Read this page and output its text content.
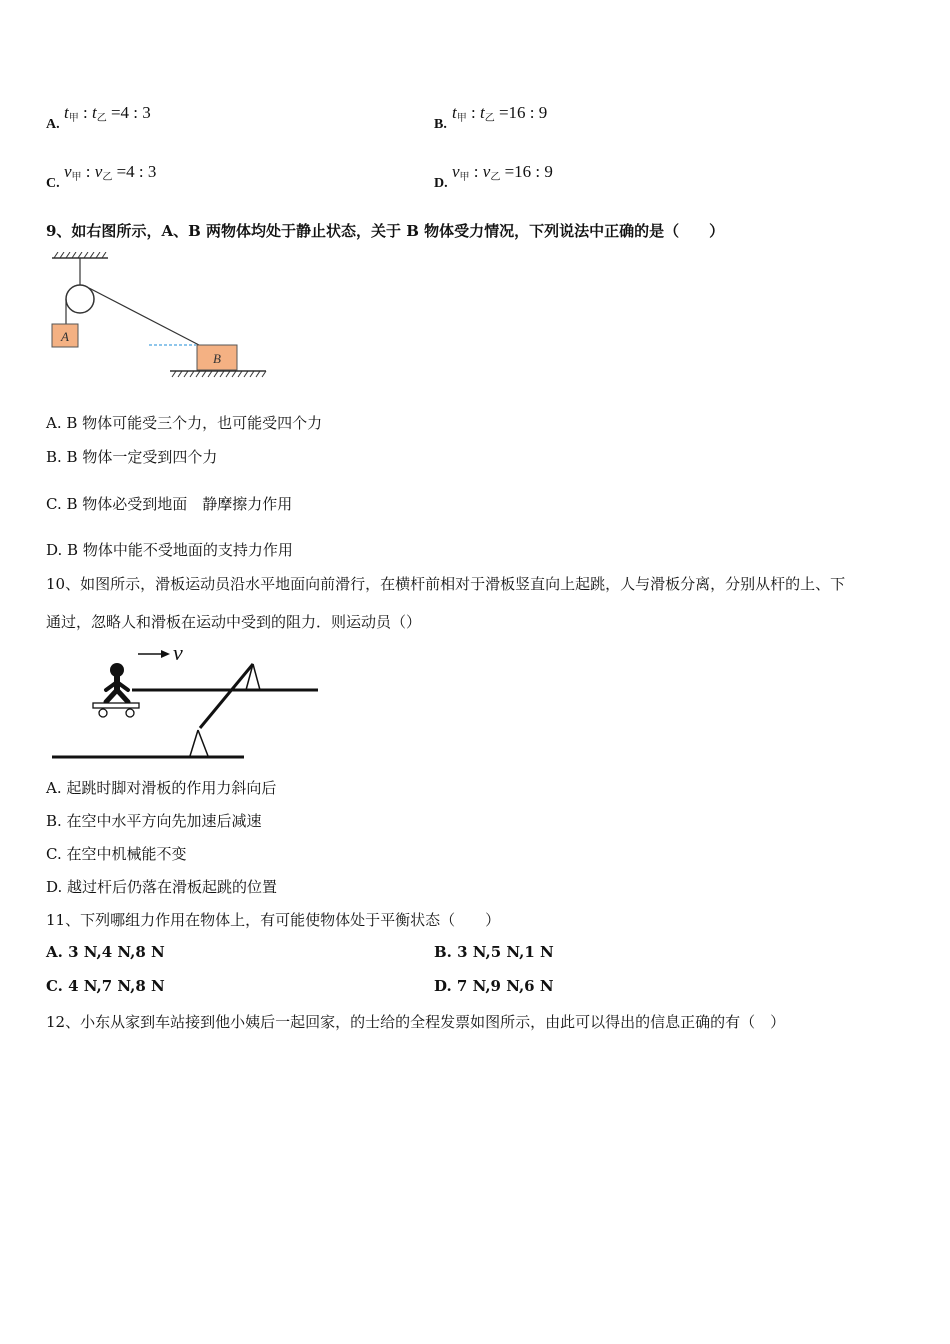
A.
$t_甲$ : $t_乙 =4$ : 3
B.
$t_甲$ : $t_乙 =16$ : 9
C.
$v_甲$ : $v_乙 =4$ : 3
D.
$v_甲$ : $v_乙 =16$ : 9
9、如右图所示，A、B 两物体均处于静止状态，关于 B 物体受力情况，下列说法中正确的是（　　）
A
B
A. B 物体可能受三个力，也可能受四个力
B. B 物体一定受到四个力
C. B 物体必受到地面　静摩擦力作用
D. B 物体中能不受地面的支持力作用
10、如图所示，滑板运动员沿水平地面向前滑行，在横杆前相对于滑板竖直向上起跳，人与滑板分离，分别从杆的上、下
通过，忽略人和滑板在运动中受到的阻力．则运动员（）
v
A. 起跳时脚对滑板的作用力斜向后
B. 在空中水平方向先加速后减速
C. 在空中机械能不变
D. 越过杆后仍落在滑板起跳的位置
11、下列哪组力作用在物体上，有可能使物体处于平衡状态（　　）
A. 3 N,4 N,8 N	B. 3 N,5 N,1 N
C. 4 N,7 N,8 N	D. 7 N,9 N,6 N
12、小东从家到车站接到他小姨后一起回家，的士给的全程发票如图所示，由此可以得出的信息正确的有（　）
